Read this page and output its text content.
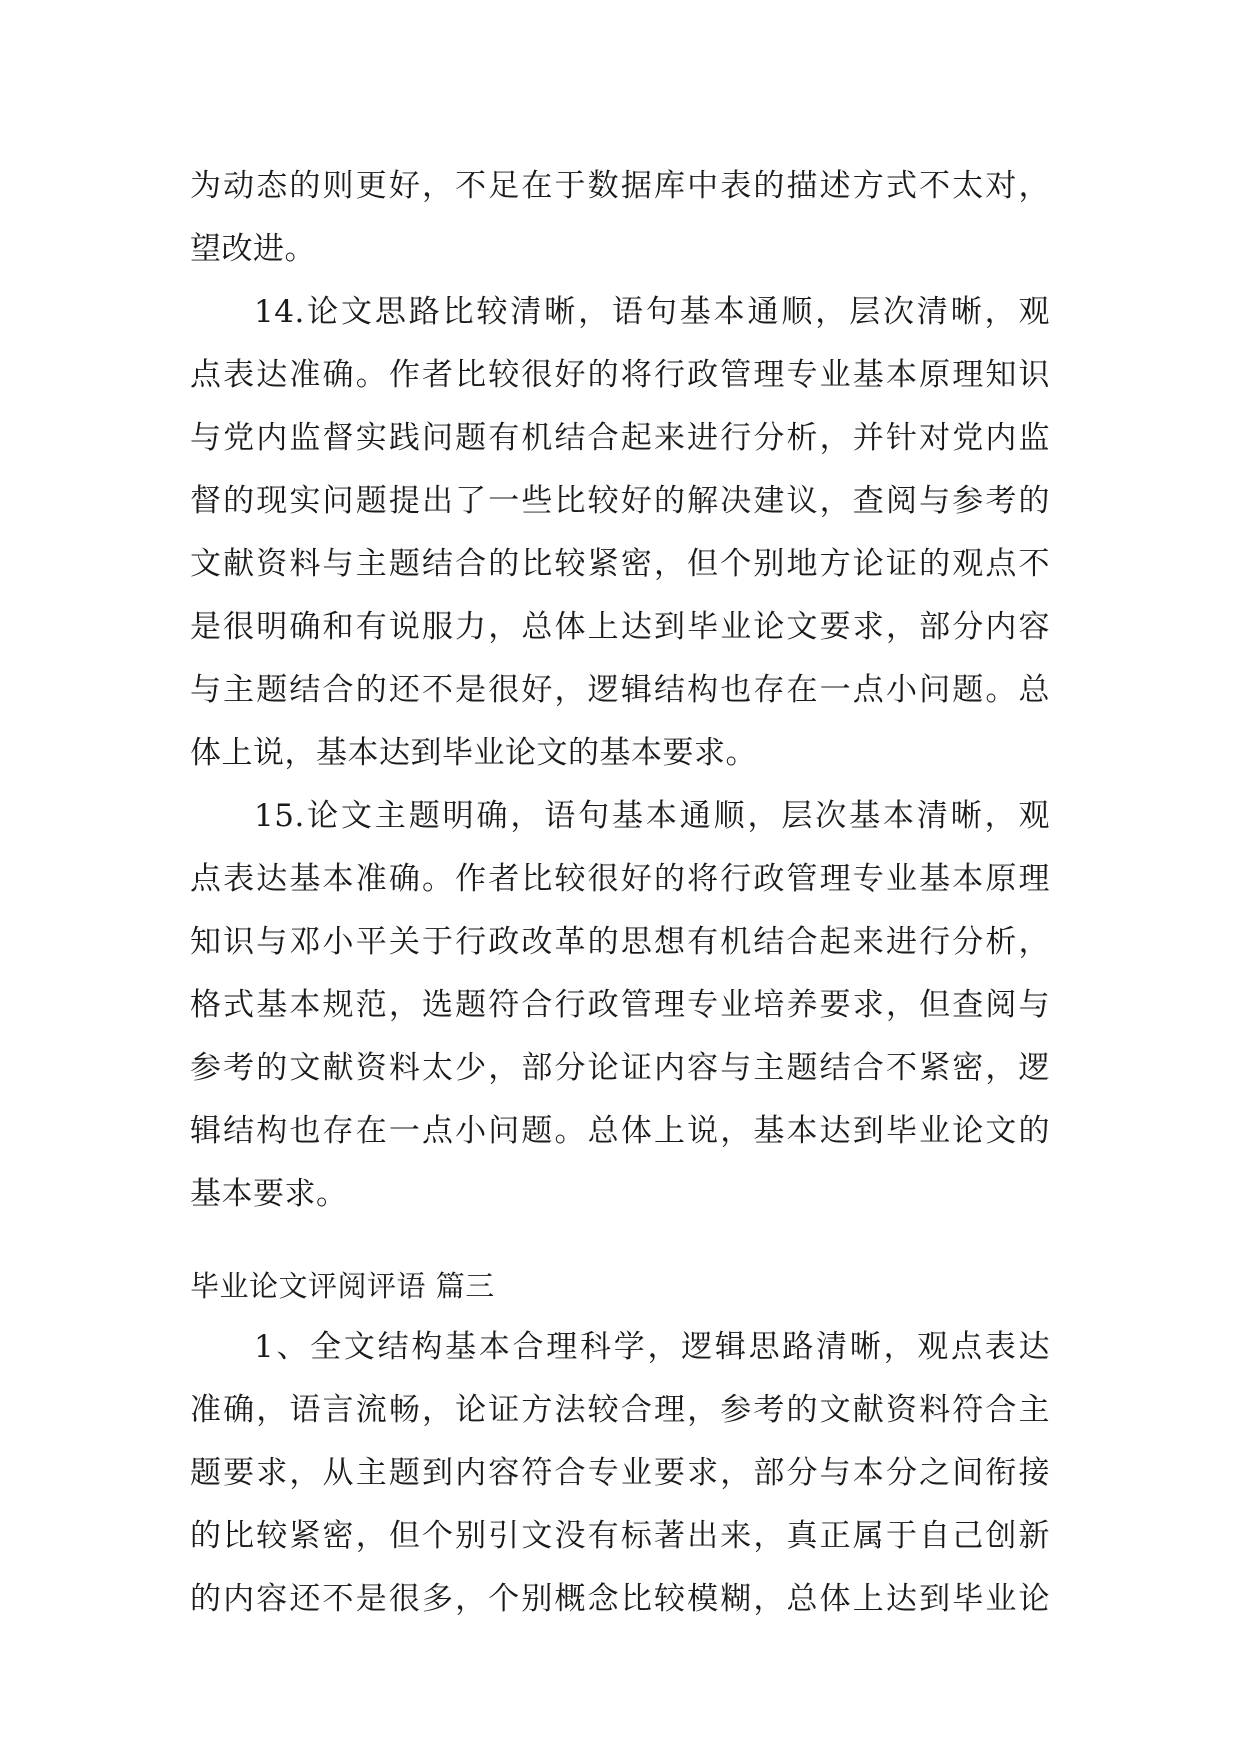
为动态的则更好，不足在于数据库中表的描述方式不太对，
望改进。
14.论文思路比较清晰，语句基本通顺，层次清晰，观
点表达准确。作者比较很好的将行政管理专业基本原理知识
与党内监督实践问题有机结合起来进行分析，并针对党内监
督的现实问题提出了一些比较好的解决建议，查阅与参考的
文献资料与主题结合的比较紧密，但个别地方论证的观点不
是很明确和有说服力，总体上达到毕业论文要求，部分内容
与主题结合的还不是很好，逻辑结构也存在一点小问题。总
体上说，基本达到毕业论文的基本要求。
15.论文主题明确，语句基本通顺，层次基本清晰，观
点表达基本准确。作者比较很好的将行政管理专业基本原理
知识与邓小平关于行政改革的思想有机结合起来进行分析，
格式基本规范，选题符合行政管理专业培养要求，但查阅与
参考的文献资料太少，部分论证内容与主题结合不紧密，逻
辑结构也存在一点小问题。总体上说，基本达到毕业论文的
基本要求。
毕业论文评阅评语 篇三
1、全文结构基本合理科学，逻辑思路清晰，观点表达
准确，语言流畅，论证方法较合理，参考的文献资料符合主
题要求，从主题到内容符合专业要求，部分与本分之间衔接
的比较紧密，但个别引文没有标著出来，真正属于自己创新
的内容还不是很多，个别概念比较模糊，总体上达到毕业论
